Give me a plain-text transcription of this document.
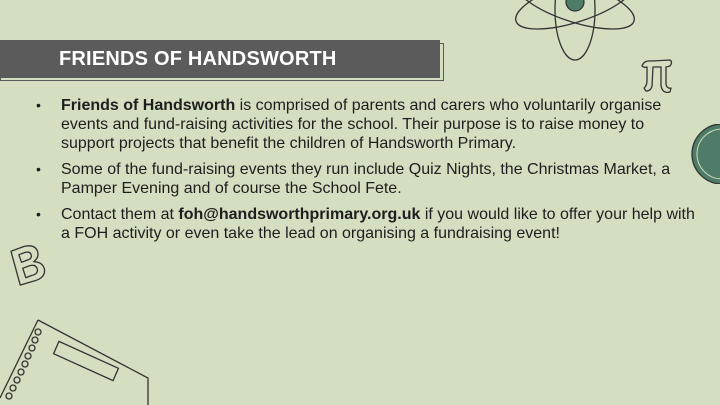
FRIENDS OF HANDSWORTH
• Friends of Handsworth is comprised of parents and carers who voluntarily organise events and fund-raising activities for the school. Their purpose is to raise money to support projects that benefit the children of Handsworth Primary.
• Some of the fund-raising events they run include Quiz Nights, the Christmas Market, a Pamper Evening and of course the School Fete.
• Contact them at foh@handsworthprimary.org.uk if you would like to offer your help with a FOH activity or even take the lead on organising a fundraising event!
